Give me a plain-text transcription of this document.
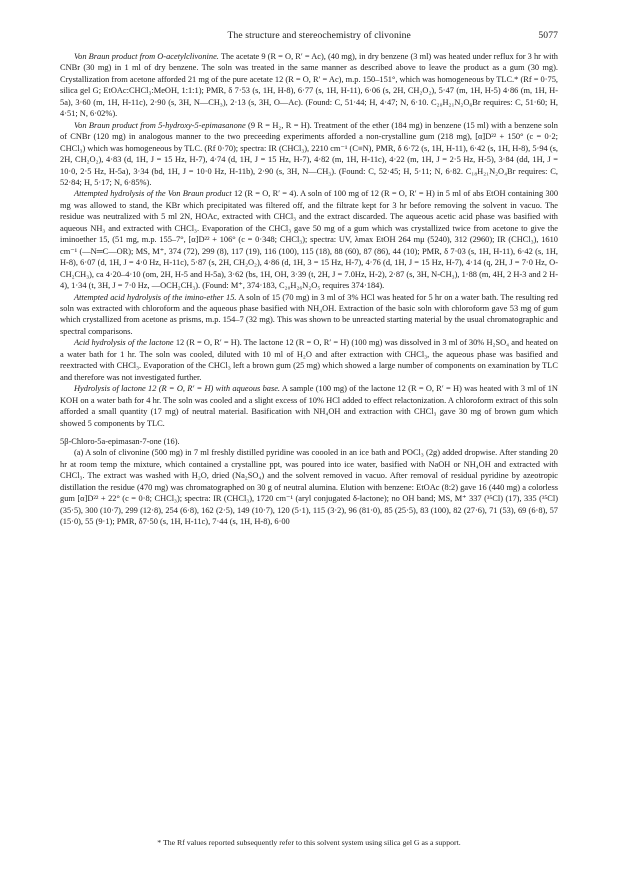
The structure and stereochemistry of clivonine	5077

Von Braun product from O-acetylclivonine. The acetate 9 (R = O, R′ = Ac), (40 mg), in dry benzene (3 ml) was heated under reflux for 3 hr with CNBr (30 mg) in 1 ml of dry benzene. The soln was treated in the same manner as described above to leave the product as a gum (30 mg). Crystallization from acetone afforded 21 mg of the pure acetate 12 (R = O, R′ = Ac), m.p. 150–151°, which was homogeneous by TLC.* (Rf = 0·75, silica gel G; EtOAc:CHCl₃:MeOH, 1:1:1); PMR, δ 7·53 (s, 1H, H-8), 6·77 (s, 1H, H-11), 6·06 (s, 2H, CH₂O₂), 5·47 (m, 1H, H-5) 4·86 (m, 1H, H-5a), 3·60 (m, 1H, H-11c), 2·90 (s, 3H, N—CH₃), 2·13 (s, 3H, O—Ac). (Found: C, 51·44; H, 4·47; N, 6·10. C₂₀H₂₁N₂O₆Br requires: C, 51·60; H, 4·51; N, 6·02%).

Von Braun product from 5-hydroxy-5-epimasanone (9 R = H₂, R = H). Treatment of the ether (184 mg) in benzene (15 ml) with a benzene soln of CNBr (120 mg) in analogous manner to the two preceeding experiments afforded a non-crystalline gum (218 mg), [α]D²² + 150° (c = 0·2; CHCl₃) which was homogeneous by TLC. (Rf 0·70); spectra: IR (CHCl₃), 2210 cm⁻¹ (C≡N), PMR, δ 6·72 (s, 1H, H-11), 6·42 (s, 1H, H-8), 5·94 (s, 2H, CH₂O₂), 4·83 (d, 1H, J = 15 Hz, H-7), 4·74 (d, 1H, J = 15 Hz, H-7), 4·82 (m, 1H, H-11c), 4·22 (m, 1H, J = 2·5 Hz, H-5), 3·84 (dd, 1H, J = 10·0, 2·5 Hz, H-5a), 3·34 (bd, 1H, J = 10·0 Hz, H-11b), 2·90 (s, 3H, N—CH₃). (Found: C, 52·45; H, 5·11; N, 6·82. C₁₈H₂₁N₂O₄Br requires: C, 52·84; H, 5·17; N, 6·85%).

Attempted hydrolysis of the Von Braun product 12 (R = O, R′ = 4). A soln of 100 mg of 12 (R = O, R′ = H) in 5 ml of abs EtOH containing 300 mg was allowed to stand, the KBr which precipitated was filtered off, and the filtrate kept for 3 hr before removing the solvent in vacuo. The residue was neutralized with 5 ml 2N, HOAc, extracted with CHCl₃ and the extract discarded. The aqueous acetic acid phase was basified with aqueous NH₃ and extracted with CHCl₃. Evaporation of the CHCl₃ gave 50 mg of a gum which was crystallized twice from acetone to give the iminoether 15, (51 mg, m.p. 155–7°, [α]D²² + 106° (c = 0·348; CHCl₃); spectra: UV, λmax EtOH 264 mμ (5240), 312 (2960); IR (CHCl₃), 1610 cm⁻¹ (—N═C—OR); MS, M⁺, 374 (72), 299 (8), 117 (19), 116 (100), 115 (18), 88 (60), 87 (86), 44 (10); PMR, δ 7·03 (s, 1H, H-11), 6·42 (s, 1H, H-8), 6·07 (d, 1H, J = 4·0 Hz, H-11c), 5·87 (s, 2H, CH₂O₂), 4·86 (d, 1H, 3 = 15 Hz, H-7), 4·76 (d, 1H, J = 15 Hz, H-7), 4·14 (q, 2H, J = 7·0 Hz, O-CH₂CH₃), ca 4·20–4·10 (om, 2H, H-5 and H-5a), 3·62 (bs, 1H, OH, 3·39 (t, 2H, J = 7.0Hz, H-2), 2·87 (s, 3H, N-CH₃), 1·88 (m, 4H, 2 H-3 and 2 H-4), 1·34 (t, 3H, J = 7·0 Hz, —OCH₂CH₃). (Found: M⁺, 374·183, C₂₀H₂₆N₂O₅ requires 374·184).

Attempted acid hydrolysis of the imino-ether 15. A soln of 15 (70 mg) in 3 ml of 3% HCl was heated for 5 hr on a water bath. The resulting red soln was extracted with chloroform and the aqueous phase basified with NH₄OH. Extraction of the basic soln with chloroform gave 53 mg of gum which crystallized from acetone as prisms, m.p. 154–7 (32 mg). This was shown to be unreacted starting material by the usual chromatographic and spectral comparisons.

Acid hydrolysis of the lactone 12 (R = O, R′ = H). The lactone 12 (R = O, R′ = H) (100 mg) was dissolved in 3 ml of 30% H₂SO₄ and heated on a water bath for 1 hr. The soln was cooled, diluted with 10 ml of H₂O and after extraction with CHCl₃, the aqueous phase was basified and reextracted with CHCl₃. Evaporation of the CHCl₃ left a brown gum (25 mg) which showed a large number of components on examination by TLC and therefore was not investigated further.

Hydrolysis of lactone 12 (R = O, R′ = H) with aqueous base. A sample (100 mg) of the lactone 12 (R = O, R′ = H) was heated with 3 ml of 1N KOH on a water bath for 4 hr. The soln was cooled and a slight excess of 10% HCl added to effect relactonization. A chloroform extract of this soln afforded a small quantity (17 mg) of neutral material. Basification with NH₄OH and extraction with CHCl₃ gave 30 mg of brown gum which showed 5 components by TLC.

5β-Chloro-5a-epimasan-7-one (16).

(a) A soln of clivonine (500 mg) in 7 ml freshly distilled pyridine was coooled in an ice bath and POCl₃ (2g) added dropwise. After standing 20 hr at room temp the mixture, which contained a crystalline ppt, was poured into ice water, basified with NaOH or NH₄OH and extracted with CHCl₃. The extract was washed with H₂O, dried (Na₂SO₄) and the solvent removed in vacuo. After removal of residual pyridine by azeotropic distillation the residue (470 mg) was chromatographed on 30 g of neutral alumina. Elution with benzene: EtOAc (8:2) gave 16 (440 mg) a colorless gum [α]D²² + 22° (c = 0·8; CHCl₃); spectra: IR (CHCl₃), 1720 cm⁻¹ (aryl conjugated δ-lactone); no OH band; MS, M⁺ 337 (³⁵Cl) (17), 335 (³⁵Cl) (35·5), 300 (10·7), 299 (12·8), 254 (6·8), 162 (2·5), 149 (10·7), 120 (5·1), 115 (3·2), 96 (81·0), 85 (25·5), 83 (100), 82 (27·6), 71 (53), 69 (6·8), 57 (15·0), 55 (9·1); PMR, δ7·50 (s, 1H, H-11c), 7·44 (s, 1H, H-8), 6·00

* The Rf values reported subsequently refer to this solvent system using silica gel G as a support.
